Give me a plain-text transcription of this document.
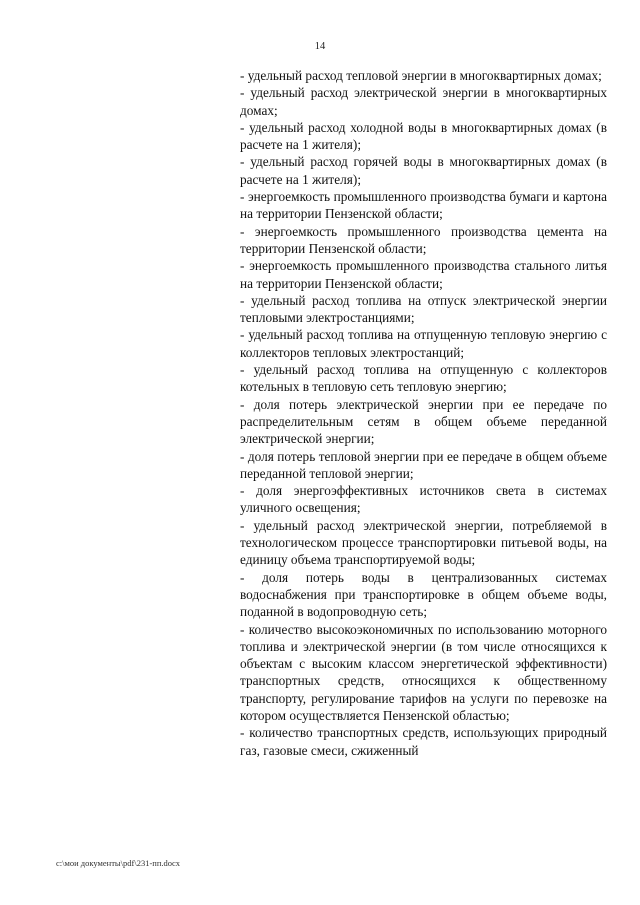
14

- удельный расход тепловой энергии в многоквартирных домах;

- удельный расход электрической энергии в многоквартирных домах;

- удельный расход холодной воды в многоквартирных домах (в расчете на 1 жителя);

- удельный расход горячей воды в многоквартирных домах (в расчете на 1 жителя);

- энергоемкость промышленного производства бумаги и картона на территории Пензенской области;

- энергоемкость промышленного производства цемента на территории Пензенской области;

- энергоемкость промышленного производства стального литья на территории Пензенской области;

- удельный расход топлива на отпуск электрической энергии тепловыми электростанциями;

- удельный расход топлива на отпущенную тепловую энергию с коллекторов тепловых электростанций;

- удельный расход топлива на отпущенную с коллекторов котельных в тепловую сеть тепловую энергию;

- доля потерь электрической энергии при ее передаче по распределительным сетям в общем объеме переданной электрической энергии;

- доля потерь тепловой энергии при ее передаче в общем объеме переданной тепловой энергии;

- доля энергоэффективных источников света в системах уличного освещения;

- удельный расход электрической энергии, потребляемой в технологическом процессе транспортировки питьевой воды, на единицу объема транспортируемой воды;

- доля потерь воды в централизованных системах водоснабжения при транспортировке в общем объеме воды, поданной в водопроводную сеть;

- количество высокоэкономичных по использованию моторного топлива и электрической энергии (в том числе относящихся к объектам с высоким классом энергетической эффективности) транспортных средств, относящихся к общественному транспорту, регулирование тарифов на услуги по перевозке на котором осуществляется Пензенской областью;

- количество транспортных средств, использующих природный газ, газовые смеси, сжиженный

c:\мои документы\pdf\231-пп.docx
